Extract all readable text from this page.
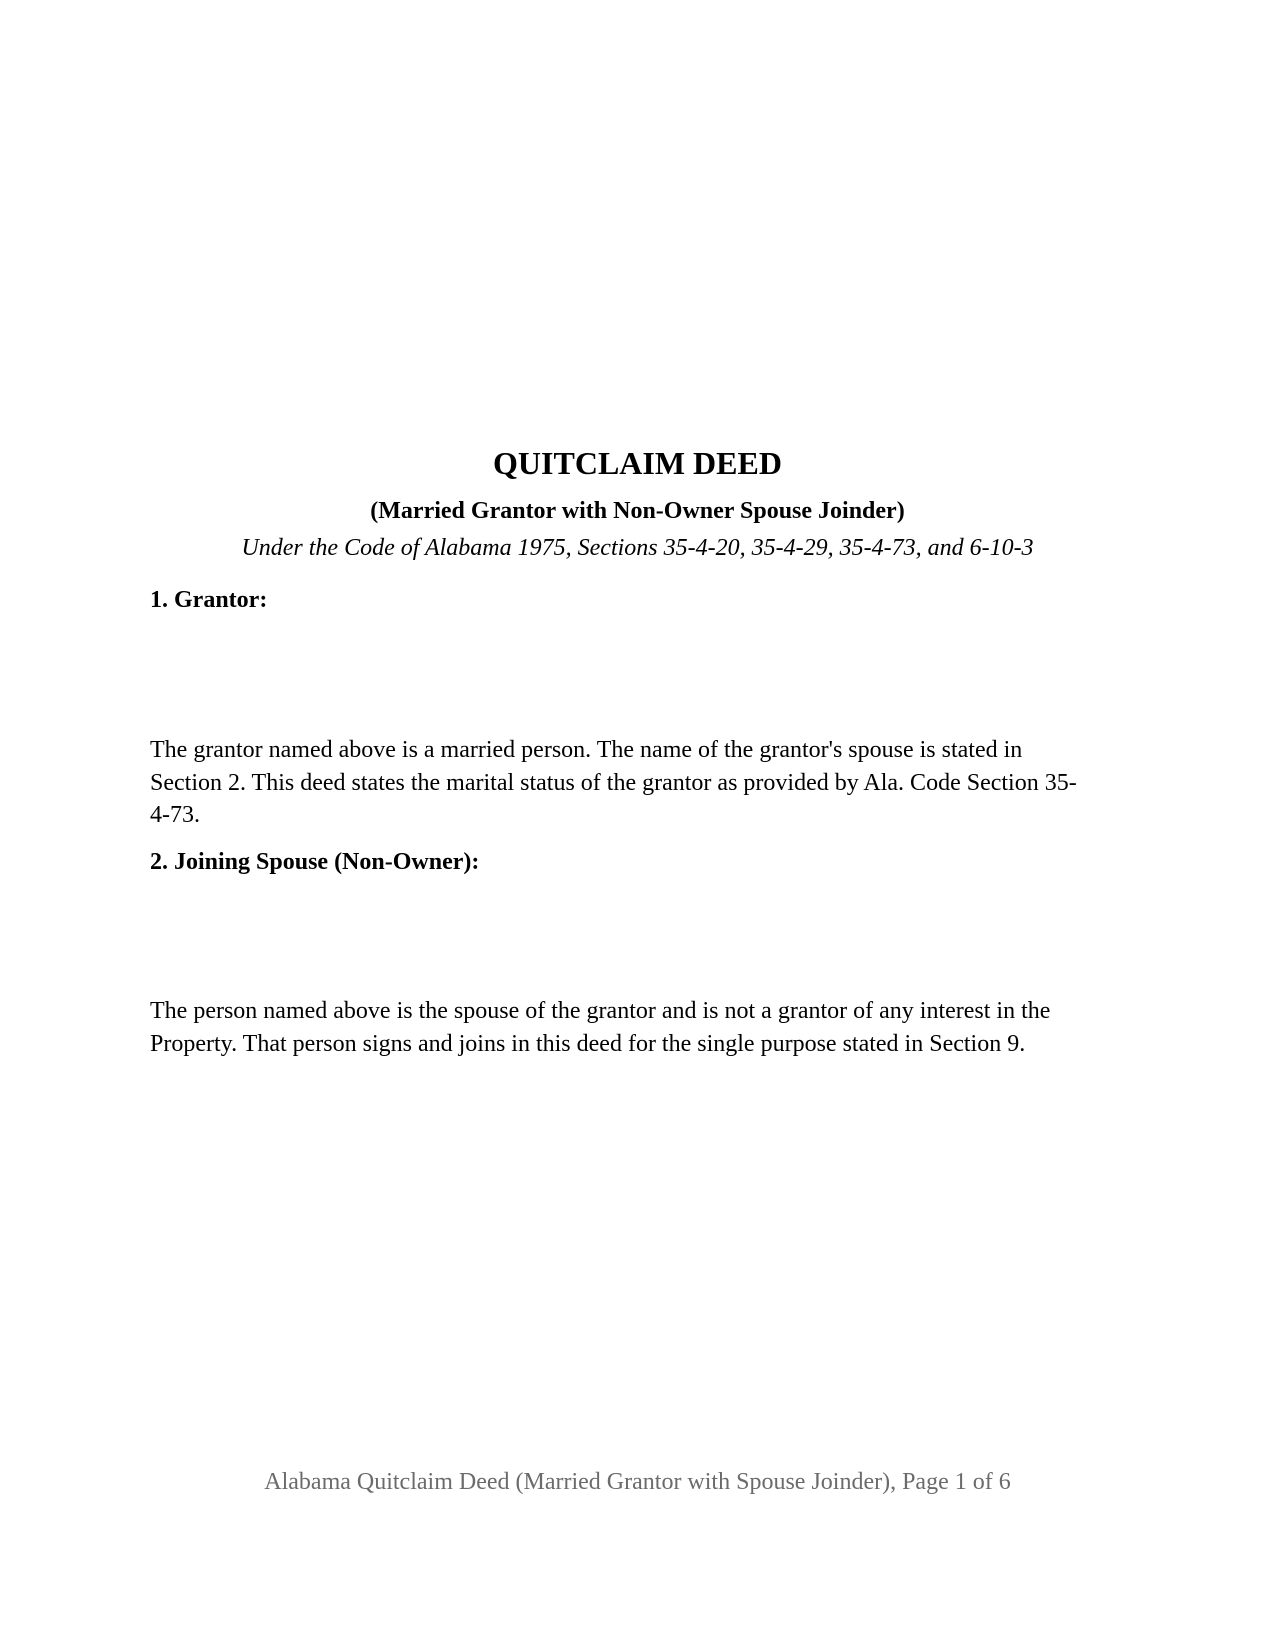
QUITCLAIM DEED
(Married Grantor with Non-Owner Spouse Joinder)
Under the Code of Alabama 1975, Sections 35-4-20, 35-4-29, 35-4-73, and 6-10-3
1. Grantor:
The grantor named above is a married person. The name of the grantor's spouse is stated in Section 2. This deed states the marital status of the grantor as provided by Ala. Code Section 35-4-73.
2. Joining Spouse (Non-Owner):
The person named above is the spouse of the grantor and is not a grantor of any interest in the Property. That person signs and joins in this deed for the single purpose stated in Section 9.
Alabama Quitclaim Deed (Married Grantor with Spouse Joinder), Page 1 of 6
